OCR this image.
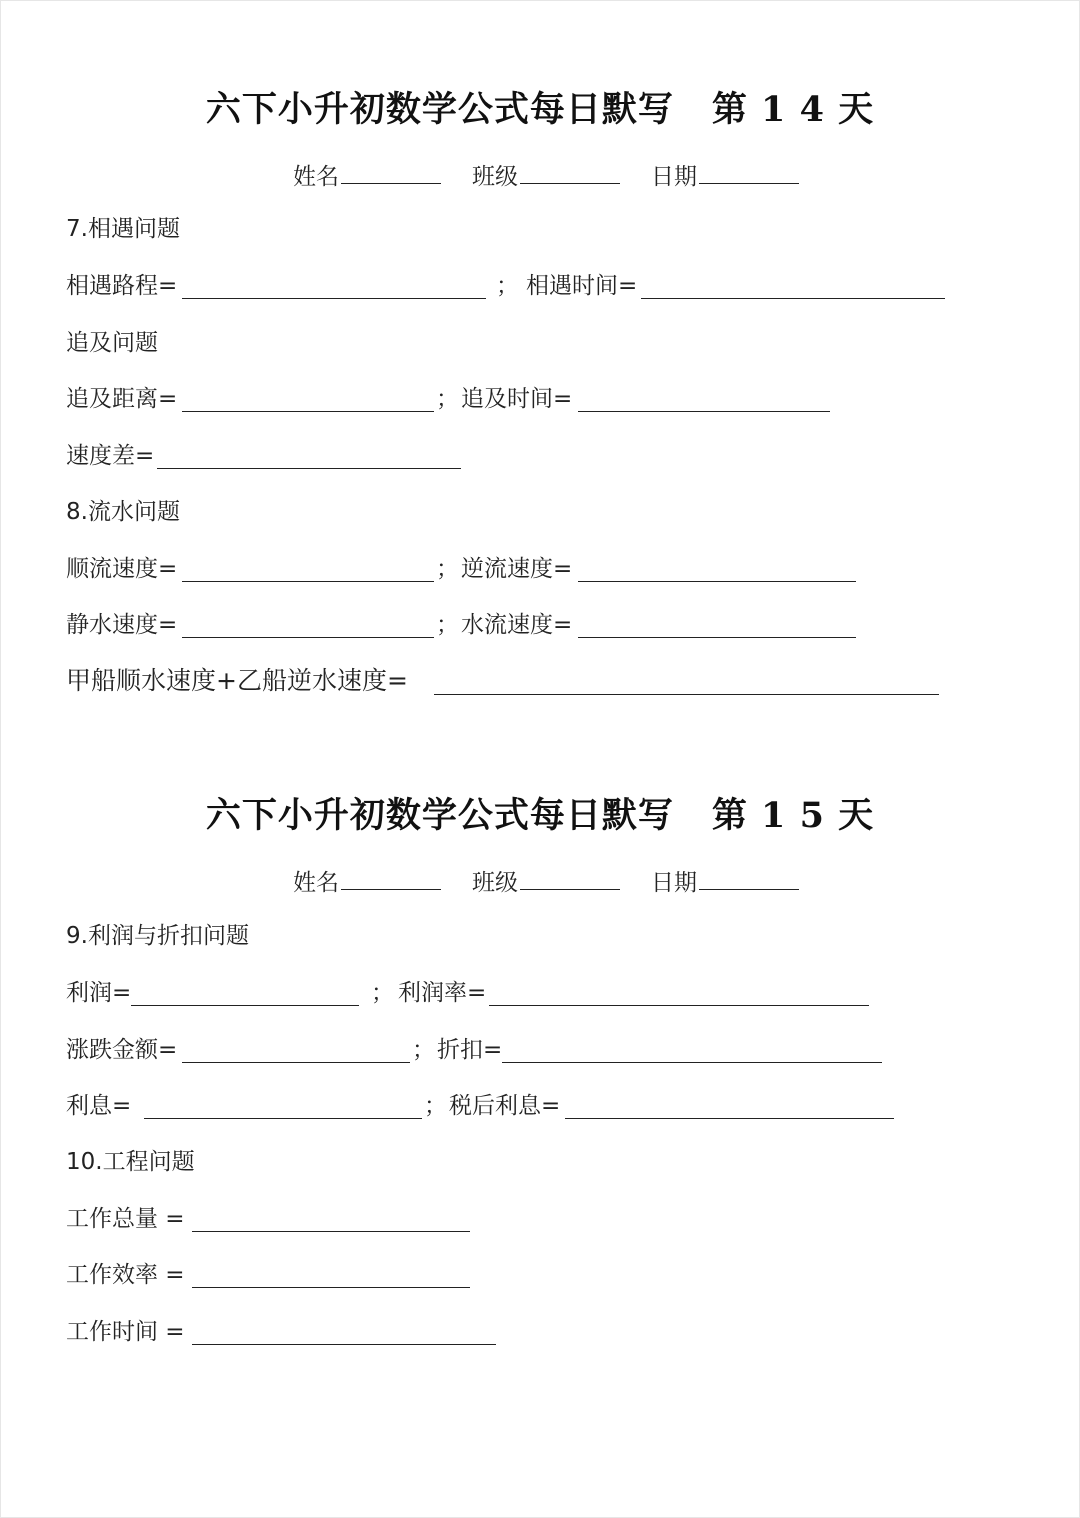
六下小升初数学公式每日默写 第 1 4 天
姓名	班级	日期
7.相遇问题
相遇路程=	； 相遇时间=
追及问题
追及距离=	； 追及时间=
速度差=
8.流水问题
顺流速度=	； 逆流速度=
静水速度=	； 水流速度=
甲船顺水速度+乙船逆水速度=
六下小升初数学公式每日默写 第 1 5 天
姓名	班级	日期
9.利润与折扣问题
利润=	； 利润率=
涨跌金额=	； 折扣=
利息=	； 税后利息=
10.工程问题
工作总量 =
工作效率 =
工作时间 =
